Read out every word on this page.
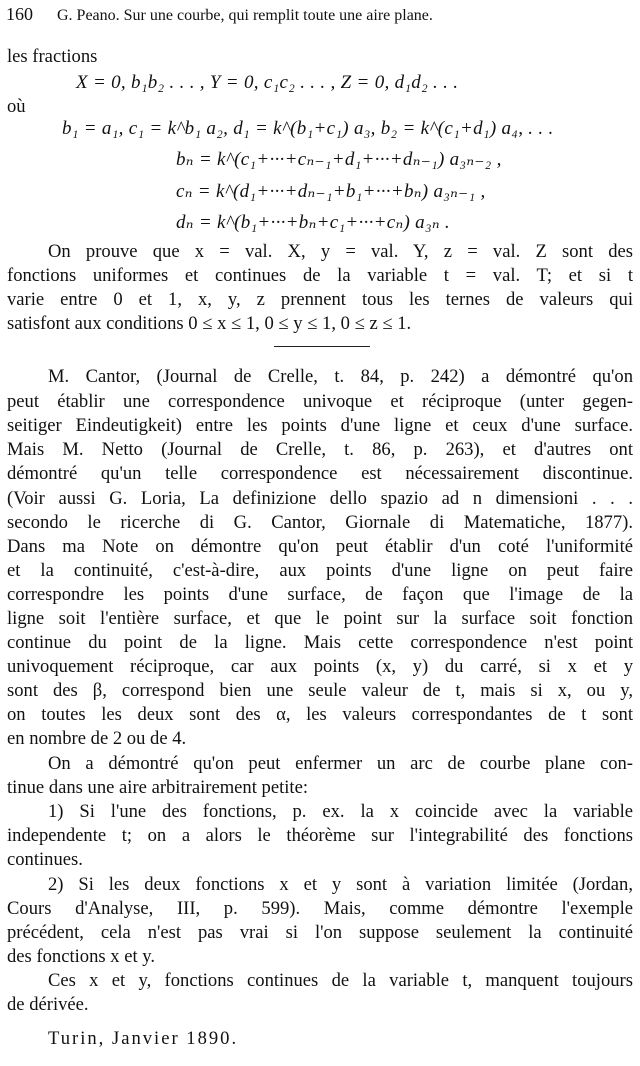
160 G. Peano. Sur une courbe, qui remplit toute une aire plane.
les fractions
X = 0, b₁b₂ . . . , Y = 0, c₁c₂ . . . , Z = 0, d₁d₂ . . .
où
b₁ = a₁, c₁ = k^b₁ a₂, d₁ = k^(b₁+c₁) a₃, b₂ = k^(c₁+d₁) a₄, . . .
bₙ = k^(c₁+···+cₙ₋₁+d₁+···+dₙ₋₁) a₃ₙ₋₂ ,
cₙ = k^(d₁+···+dₙ₋₁+b₁+···+bₙ) a₃ₙ₋₁ ,
dₙ = k^(b₁+···+bₙ+c₁+···+cₙ) a₃ₙ .
On prouve que x = val. X, y = val. Y, z = val. Z sont des
fonctions uniformes et continues de la variable t = val. T; et si t
varie entre 0 et 1, x, y, z prennent tous les ternes de valeurs qui
satisfont aux conditions 0 ≤ x ≤ 1, 0 ≤ y ≤ 1, 0 ≤ z ≤ 1.
M. Cantor, (Journal de Crelle, t. 84, p. 242) a démontré qu'on
peut établir une correspondence univoque et réciproque (unter gegen-
seitiger Eindeutigkeit) entre les points d'une ligne et ceux d'une surface.
Mais M. Netto (Journal de Crelle, t. 86, p. 263), et d'autres ont
démontré qu'un telle correspondence est nécessairement discontinue.
(Voir aussi G. Loria, La definizione dello spazio ad n dimensioni . . .
secondo le ricerche di G. Cantor, Giornale di Matematiche, 1877).
Dans ma Note on démontre qu'on peut établir d'un coté l'uniformité
et la continuité, c'est-à-dire, aux points d'une ligne on peut faire
correspondre les points d'une surface, de façon que l'image de la
ligne soit l'entière surface, et que le point sur la surface soit fonction
continue du point de la ligne. Mais cette correspondence n'est point
univoquement réciproque, car aux points (x, y) du carré, si x et y
sont des β, correspond bien une seule valeur de t, mais si x, ou y,
on toutes les deux sont des α, les valeurs correspondantes de t sont
en nombre de 2 ou de 4.
On a démontré qu'on peut enfermer un arc de courbe plane con-
tinue dans une aire arbitrairement petite:
1) Si l'une des fonctions, p. ex. la x coincide avec la variable
independente t; on a alors le théorème sur l'integrabilité des fonctions
continues.
2) Si les deux fonctions x et y sont à variation limitée (Jordan,
Cours d'Analyse, III, p. 599). Mais, comme démontre l'exemple
précédent, cela n'est pas vrai si l'on suppose seulement la continuité
des fonctions x et y.
Ces x et y, fonctions continues de la variable t, manquent toujours
de dérivée.
Turin, Janvier 1890.
